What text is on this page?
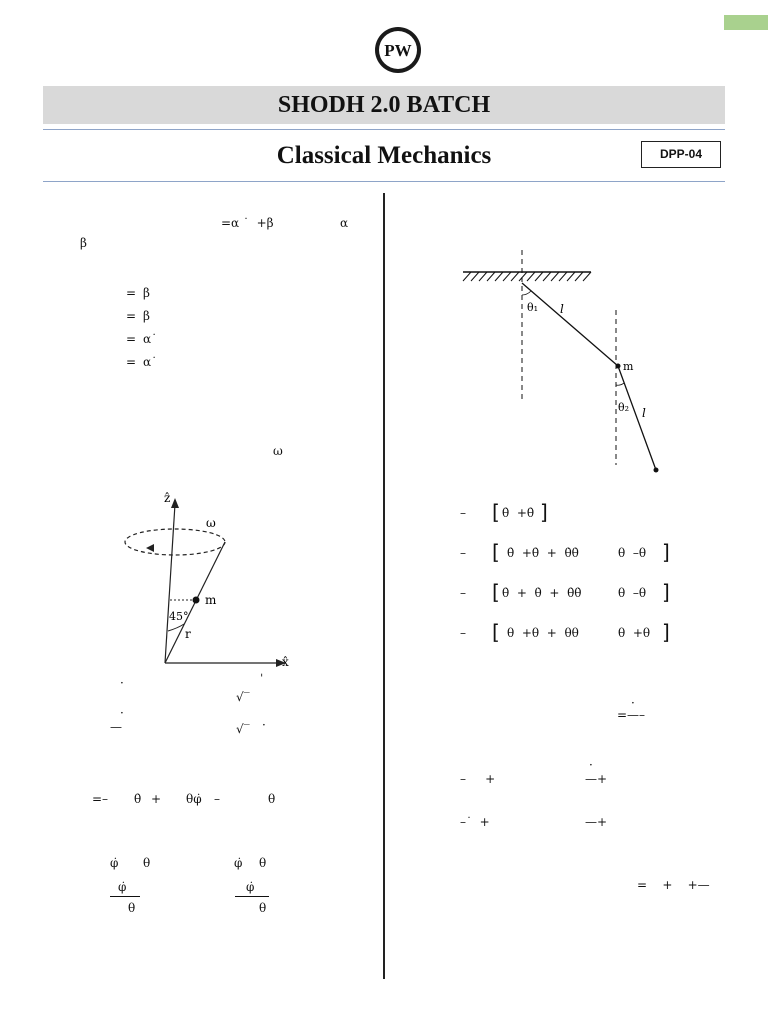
PW
SHODH 2.0 BATCH
Classical Mechanics	DPP-04
=α ˙  +β	α
β
= β
= β
= α˙
= α˙
ω
ẑ
ω
m
45°
r
x̂
·	ˈ
√‾
·
—	√‾ ·
=– θ̇ + θφ̇ –	θ
φ̇ θ	φ̇ θ
φ̇
θ
φ̇
θ
θ₁ l
m
θ₂ l
– [ θ̇  +θ̇ ]
– [ θ̇  +θ̇  +  θ̇θ̇	θ  –θ ]
– [ θ̇  +  θ̇  +  θ̇θ̇	θ  –θ ]
– [ θ  +θ  +  θθ	θ  +θ ]
·
=—–
–     +
·
—+
–˙  +	—+
=    +    +—
